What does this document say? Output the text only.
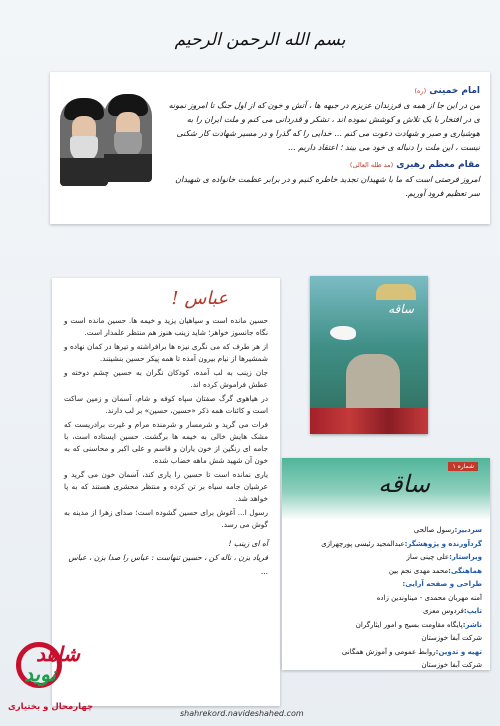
بسم الله الرحمن الرحیم
امام خمینی (ره)
من در این جا از همه ی فرزندان عزیزم در جبهه ها ، آتش و خون که از اول جنگ تا امروز نمونه ی در افتخار با یک تلاش و کوشش نموده اند ، تشکر و قدردانی می کنم و ملت ایران را به هوشیاری و صبر و شهادت دعوت می کنم ... خدایی را که گذرا و در مسیر شهادت کار شکنی نیست ، این ملت را دنباله ی خود می بیند ؛ اعتقاد داریم ...
مقام معظم رهبری (مد ظله العالی)
امروز فرصتی است که ما با شهیدان تجدید خاطره کنیم و در برابر عظمت خانواده ی شهیدان سر تعظیم فرود آوریم.
عباس !

حسین مانده است و سپاهیان یزید و خیمه ها. حسین مانده است و نگاه جانسوز خواهر؛ شاید زینب هنوز هم منتظر علمدار است.

از هر طرف که می نگری نیزه ها برافراشته و تیرها در کمان نهاده و شمشیرها از نیام بیرون آمده تا همه پیکر حسین بنشینند.

جان زینب به لب آمده، کودکان نگران به حسین چشم دوخته و عطش فراموش کرده اند.

در هیاهوی گرگ صفتان سپاه کوفه و شام، آسمان و زمین ساکت است و کائنات همه ذکر «حسین، حسین» بر لب دارند.

فرات می گرید و شرمسار و شرمنده مرام و غیرت برادریست که مشک هایش خالی به خیمه ها برگشت. حسین ایستاده است، با جامه ای رنگین از خون یاران و قاسم و علی اکبر و محاسنی که به خون آن شهید شش ماهه خضاب شده.

یاری نمانده است تا حسین را یاری کند، آسمان خون می گرید و عرشیان جامه سیاه بر تن کرده و منتظر محشری هستند که به پا خواهد شد.

رسول ا... آغوش برای حسین گشوده است؛ صدای زهرا از مدینه به گوش می رسد.

آه ای زینب !
فریاد بزن ، ناله کن ، حسین تنهاست : عباس را صدا بزن ، عباس ...
ساقه
شماره ۱
ساقه
سردبیر:رسول صالحی
گردآورنده و پژوهشگر:عبدالمجید رئیسی پورچهرازی
ویراستار:علی چینی ساز
هماهنگی:محمد مهدی نجم بین
طراحی و صفحه آرایی:
آمنه مهربان محمدی - میناوندین زاده
تایپ:فردوس معزی
ناشر:پایگاه مقاومت بسیج و امور ایثارگران
شرکت آبفا خوزستان
تهیه و تدوین:روابط عمومی و آموزش همگانی
شرکت آبفا خوزستان
شاهد
نوید
چهارمحال و بختیاری
shahrekord.navideshahed.com
